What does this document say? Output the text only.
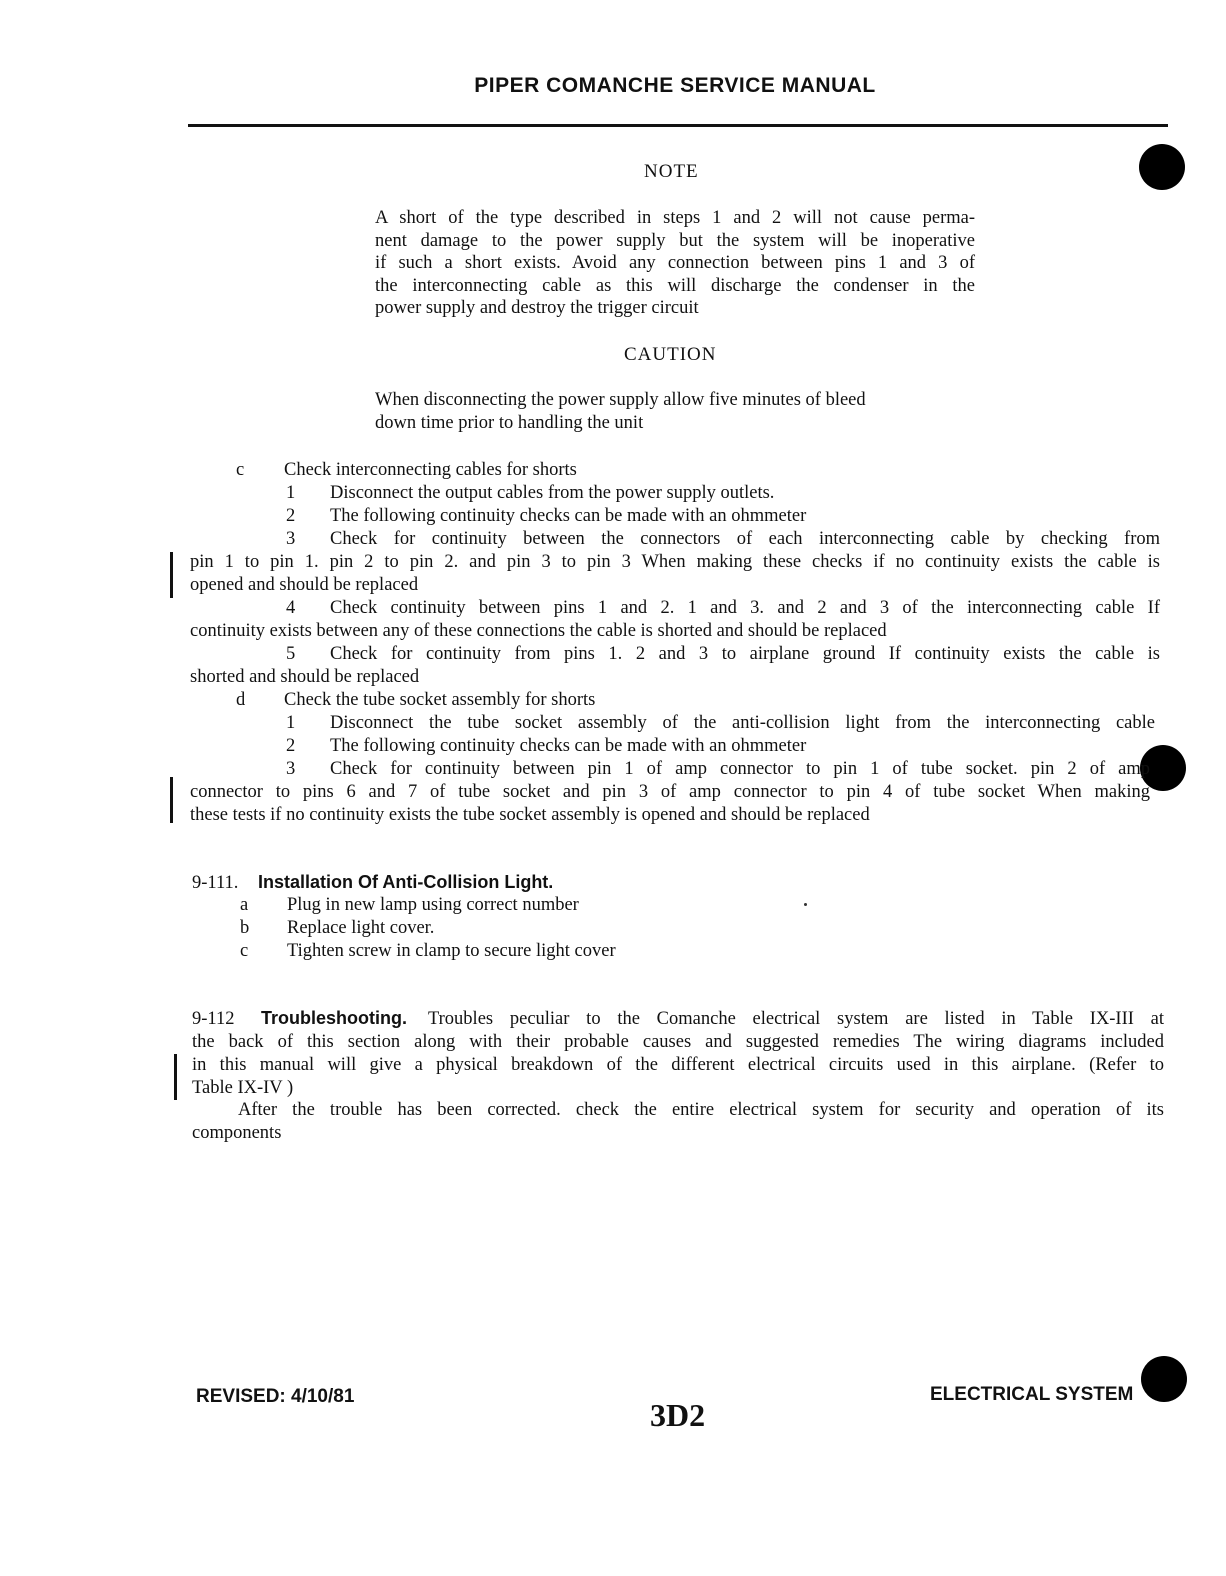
PIPER COMANCHE SERVICE MANUAL
NOTE
A short of the type described in steps 1 and 2 will not cause perma-
nent damage to the power supply but the system will be inoperative
if such a short exists. Avoid any connection between pins 1 and 3 of
the interconnecting cable as this will discharge the condenser in the
power supply and destroy the trigger circuit
CAUTION
When disconnecting the power supply allow five minutes of bleed
down time prior to handling the unit
c Check interconnecting cables for shorts
1 Disconnect the output cables from the power supply outlets.
2 The following continuity checks can be made with an ohmmeter
3 Check for continuity between the connectors of each interconnecting cable by checking from
pin 1 to pin 1. pin 2 to pin 2. and pin 3 to pin 3 When making these checks if no continuity exists the cable is
opened and should be replaced
4 Check continuity between pins 1 and 2. 1 and 3. and 2 and 3 of the interconnecting cable If
continuity exists between any of these connections the cable is shorted and should be replaced
5 Check for continuity from pins 1. 2 and 3 to airplane ground If continuity exists the cable is
shorted and should be replaced
d Check the tube socket assembly for shorts
1 Disconnect the tube socket assembly of the anti-collision light from the interconnecting cable
2 The following continuity checks can be made with an ohmmeter
3 Check for continuity between pin 1 of amp connector to pin 1 of tube socket. pin 2 of amp
connector to pins 6 and 7 of tube socket and pin 3 of amp connector to pin 4 of tube socket When making
these tests if no continuity exists the tube socket assembly is opened and should be replaced
9-111. Installation Of Anti-Collision Light.
a Plug in new lamp using correct number
b Replace light cover.
c Tighten screw in clamp to secure light cover
9-112 Troubleshooting. Troubles peculiar to the Comanche electrical system are listed in Table IX-III at
the back of this section along with their probable causes and suggested remedies The wiring diagrams included
in this manual will give a physical breakdown of the different electrical circuits used in this airplane. (Refer to
Table IX-IV )
After the trouble has been corrected. check the entire electrical system for security and operation of its
components
REVISED: 4/10/81
3D2
ELECTRICAL SYSTEM
